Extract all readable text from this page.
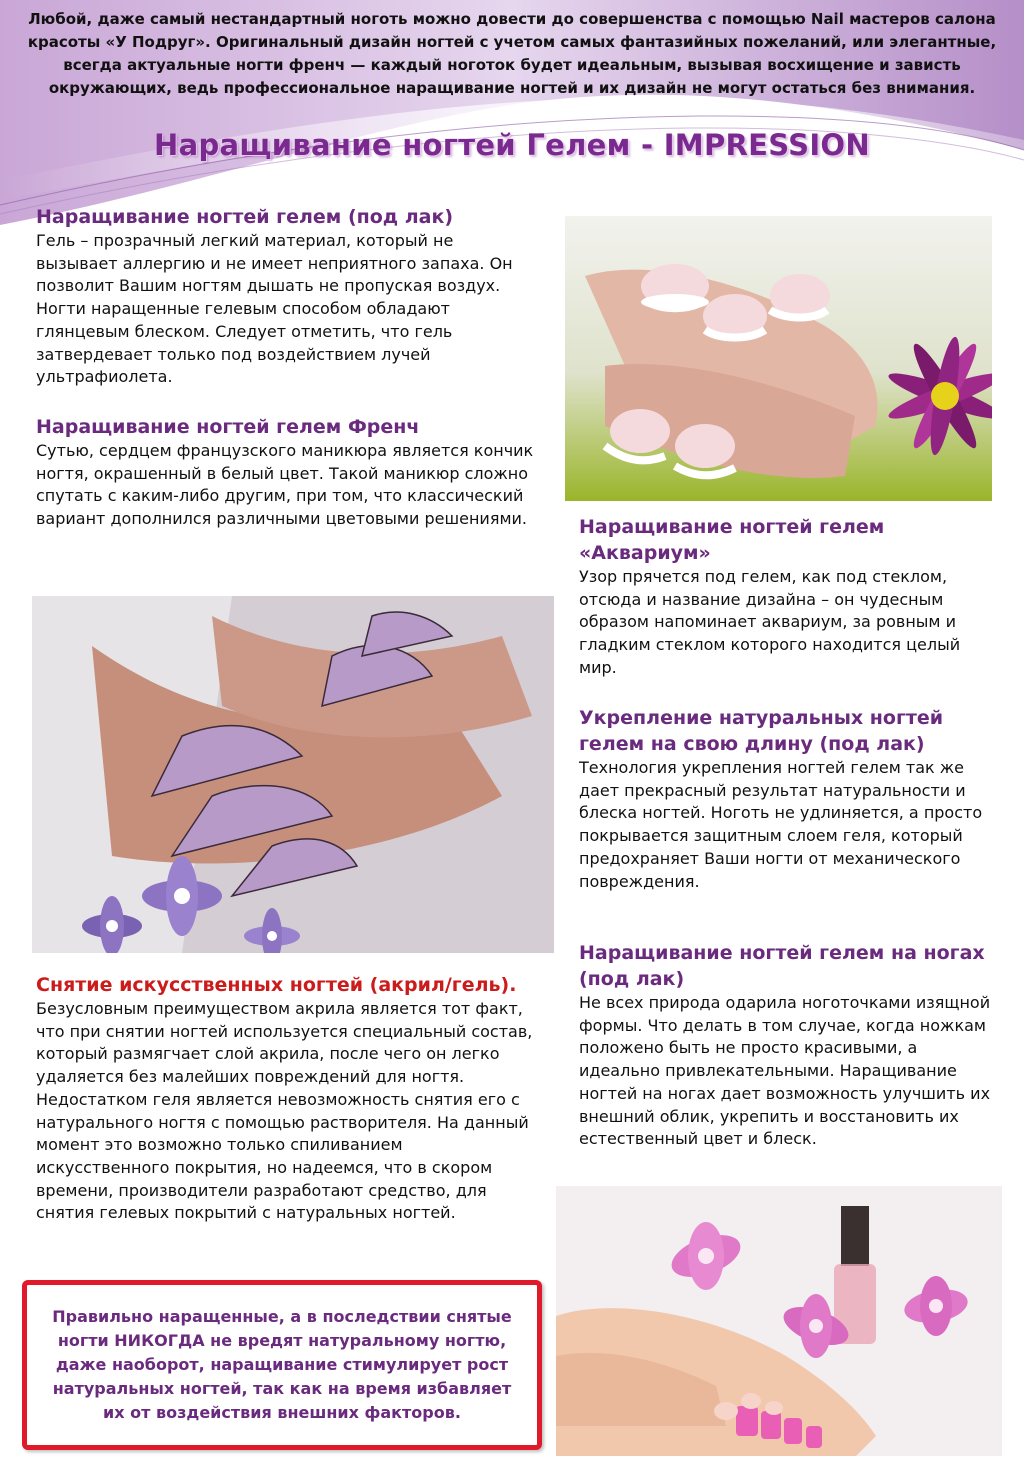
Любой, даже самый нестандартный ноготь можно довести до совершенства с помощью Nail мастеров салона красоты «У Подруг». Оригинальный дизайн ногтей с учетом самых фантазийных пожеланий, или элегантные, всегда актуальные ногти френч — каждый ноготок будет идеальным, вызывая восхищение и зависть окружающих, ведь профессиональное наращивание ногтей и их дизайн не могут остаться без внимания.
Наращивание ногтей Гелем - IMPRESSION
Наращивание ногтей гелем (под лак)

Гель – прозрачный легкий материал, который не вызывает аллергию и не имеет неприятного запаха. Он позволит Вашим ногтям дышать не пропуская воздух. Ногти наращенные гелевым способом обладают глянцевым блеском. Следует отметить, что гель затвердевает только под воздействием лучей ультрафиолета.

Наращивание ногтей гелем Френч

Сутью, сердцем французского маникюра является кончик ногтя, окрашенный в белый цвет. Такой маникюр сложно спутать с каким-либо другим, при том, что классический вариант дополнился различными цветовыми решениями.	Наращивание ногтей гелем «Аквариум»

Узор прячется под гелем, как под стеклом, отсюда и название дизайна – он чудесным образом напоминает аквариум, за ровным и гладким стеклом которого находится целый мир.

Укрепление натуральных ногтей гелем на свою длину (под лак)

Технология укрепления ногтей гелем так же дает прекрасный результат натуральности и блеска ногтей. Ноготь не удлиняется, а просто покрывается защитным слоем геля, который предохраняет Ваши ногти от механического повреждения.

Наращивание ногтей гелем на ногах (под лак)

Не всех природа одарила ноготочками изящной формы. Что делать в том случае, когда ножкам положено быть не просто красивыми, а идеально привлекательными. Наращивание ногтей на ногах дает возможность улучшить их внешний облик, укрепить и восстановить их естественный цвет и блеск.

Снятие искусственных ногтей (акрил/гель).

Безусловным преимуществом акрила является тот факт, что при снятии ногтей используется специальный состав, который размягчает слой акрила, после чего он легко удаляется без малейших повреждений для ногтя. Недостатком геля является невозможность снятия его с натурального ногтя с помощью растворителя. На данный момент это возможно только спиливанием искусственного покрытия, но надеемся, что в скором времени, производители разработают средство, для снятия гелевых покрытий с натуральных ногтей.

Правильно наращенные, а в последствии снятые ногти НИКОГДА не вредят натуральному ногтю, даже наоборот, наращивание стимулирует рост натуральных ногтей, так как на время избавляет их от воздействия внешних факторов.
